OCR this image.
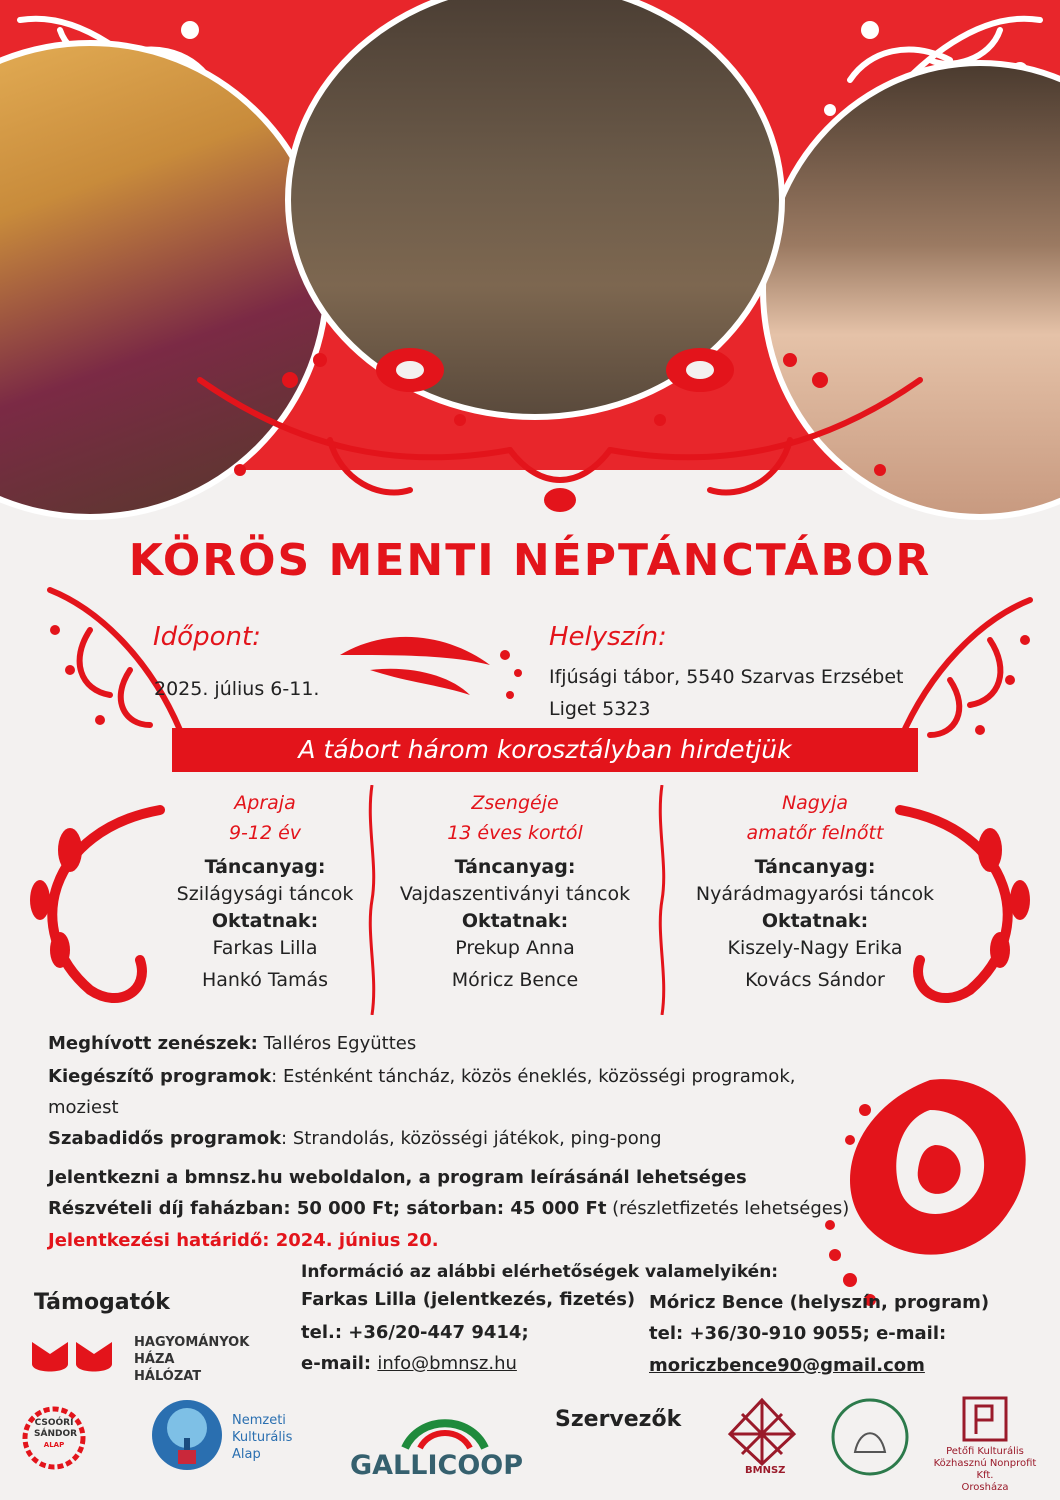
KÖRÖS MENTI NÉPTÁNCTÁBOR
Időpont:
2025. július 6-11.
Helyszín:
Ifjúsági tábor, 5540 Szarvas Erzsébet
Liget 5323
A tábort három korosztályban hirdetjük
Apraja
9-12 év
Táncanyag:
Szilágysági táncok
Oktatnak:
Farkas Lilla
Hankó Tamás
Zsengéje
13 éves kortól
Táncanyag:
Vajdaszentiványi táncok
Oktatnak:
Prekup Anna
Móricz Bence
Nagyja
amatőr felnőtt
Táncanyag:
Nyárádmagyarósi táncok
Oktatnak:
Kiszely-Nagy Erika
Kovács Sándor
Meghívott zenészek: Talléros Együttes
Kiegészítő programok: Esténként táncház, közös éneklés, közösségi programok,
moziest
Szabadidős programok: Strandolás, közösségi játékok, ping-pong
Jelentkezni a bmnsz.hu weboldalon, a program leírásánál lehetséges
Részvételi díj faházban: 50 000 Ft; sátorban: 45 000 Ft (részletfizetés lehetséges)
Jelentkezési határidő: 2024. június 20.
Információ az alábbi elérhetőségek valamelyikén:
Farkas Lilla (jelentkezés, fizetés)
tel.: +36/20-447 9414;
e-mail: info@bmnsz.hu
Móricz Bence (helyszín, program)
tel: +36/30-910 9055; e-mail:
moriczbence90@gmail.com
Támogatók
HAGYOMÁNYOK
HÁZA
HÁLÓZAT
CSOÓRI
SÁNDOR
ALAP
Nemzeti
Kulturális
Alap	GALLICOOP
Szervezők
BMNSZ
Petőfi Kulturális
Közhasznú Nonprofit Kft.
Orosháza
